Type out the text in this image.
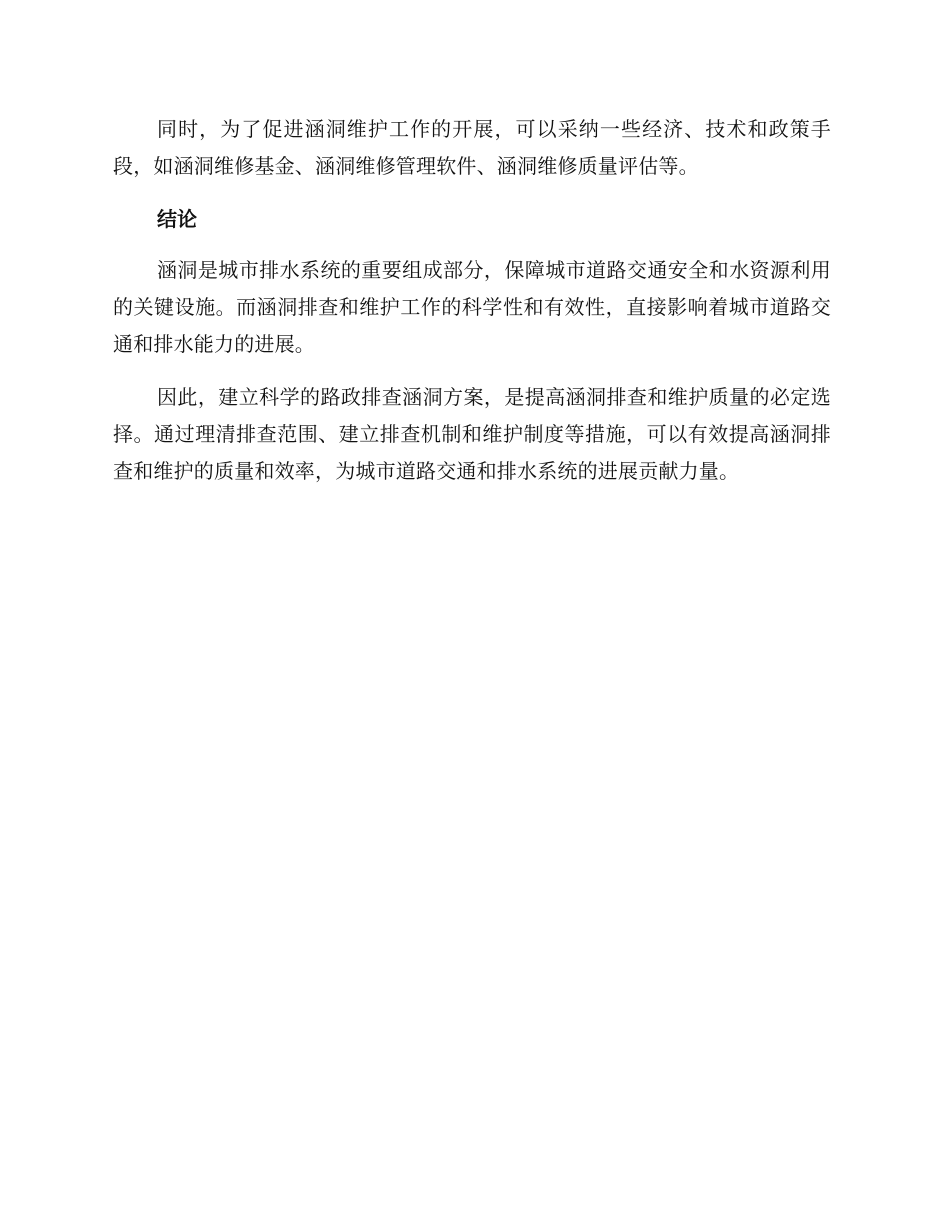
同时，为了促进涵洞维护工作的开展，可以采纳一些经济、技术和政策手段，如涵洞维修基金、涵洞维修管理软件、涵洞维修质量评估等。

结论

涵洞是城市排水系统的重要组成部分，保障城市道路交通安全和水资源利用的关键设施。而涵洞排查和维护工作的科学性和有效性，直接影响着城市道路交通和排水能力的进展。

因此，建立科学的路政排查涵洞方案，是提高涵洞排查和维护质量的必定选择。通过理清排查范围、建立排查机制和维护制度等措施，可以有效提高涵洞排查和维护的质量和效率，为城市道路交通和排水系统的进展贡献力量。
